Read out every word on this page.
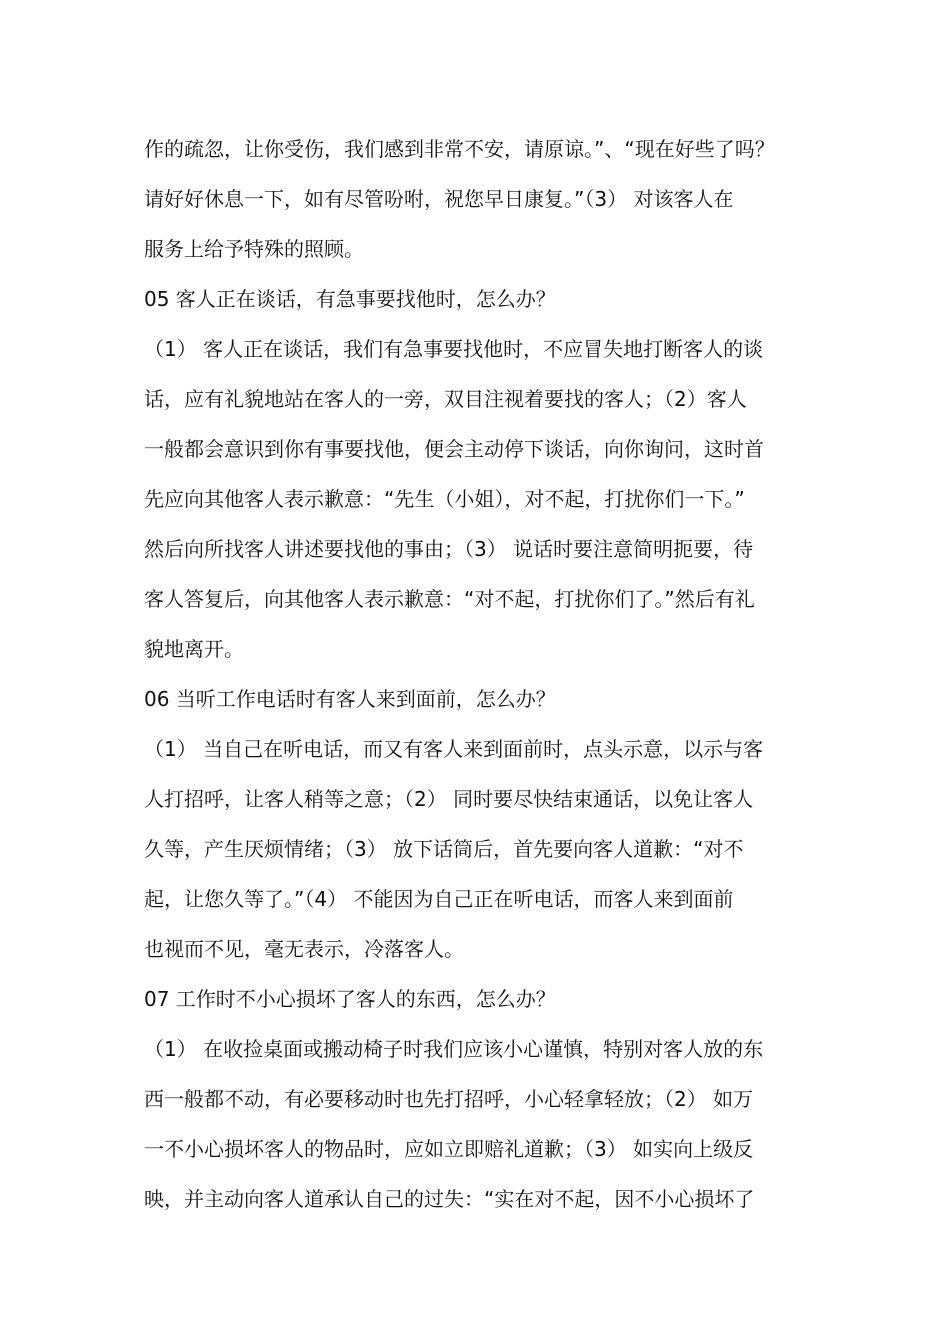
作的疏忽，让你受伤，我们感到非常不安，请原谅。”、“现在好些了吗？
请好好休息一下，如有尽管吩咐，祝您早日康复。”（3） 对该客人在
服务上给予特殊的照顾。
05 客人正在谈话，有急事要找他时，怎么办？
（1） 客人正在谈话，我们有急事要找他时，不应冒失地打断客人的谈
话，应有礼貌地站在客人的一旁，双目注视着要找的客人；（2）客人
一般都会意识到你有事要找他，便会主动停下谈话，向你询问，这时首
先应向其他客人表示歉意：“先生（小姐），对不起，打扰你们一下。”
然后向所找客人讲述要找他的事由；（3） 说话时要注意简明扼要，待
客人答复后，向其他客人表示歉意：“对不起，打扰你们了。”然后有礼
貌地离开。
06 当听工作电话时有客人来到面前，怎么办？
（1） 当自己在听电话，而又有客人来到面前时，点头示意，以示与客
人打招呼，让客人稍等之意；（2） 同时要尽快结束通话，以免让客人
久等，产生厌烦情绪；（3） 放下话筒后，首先要向客人道歉：“对不
起，让您久等了。”（4） 不能因为自己正在听电话，而客人来到面前
也视而不见，毫无表示，冷落客人。
07 工作时不小心损坏了客人的东西，怎么办？
（1） 在收捡桌面或搬动椅子时我们应该小心谨慎，特别对客人放的东
西一般都不动，有必要移动时也先打招呼，小心轻拿轻放；（2） 如万
一不小心损坏客人的物品时，应如立即赔礼道歉；（3） 如实向上级反
映，并主动向客人道承认自己的过失：“实在对不起，因不小心损坏了
